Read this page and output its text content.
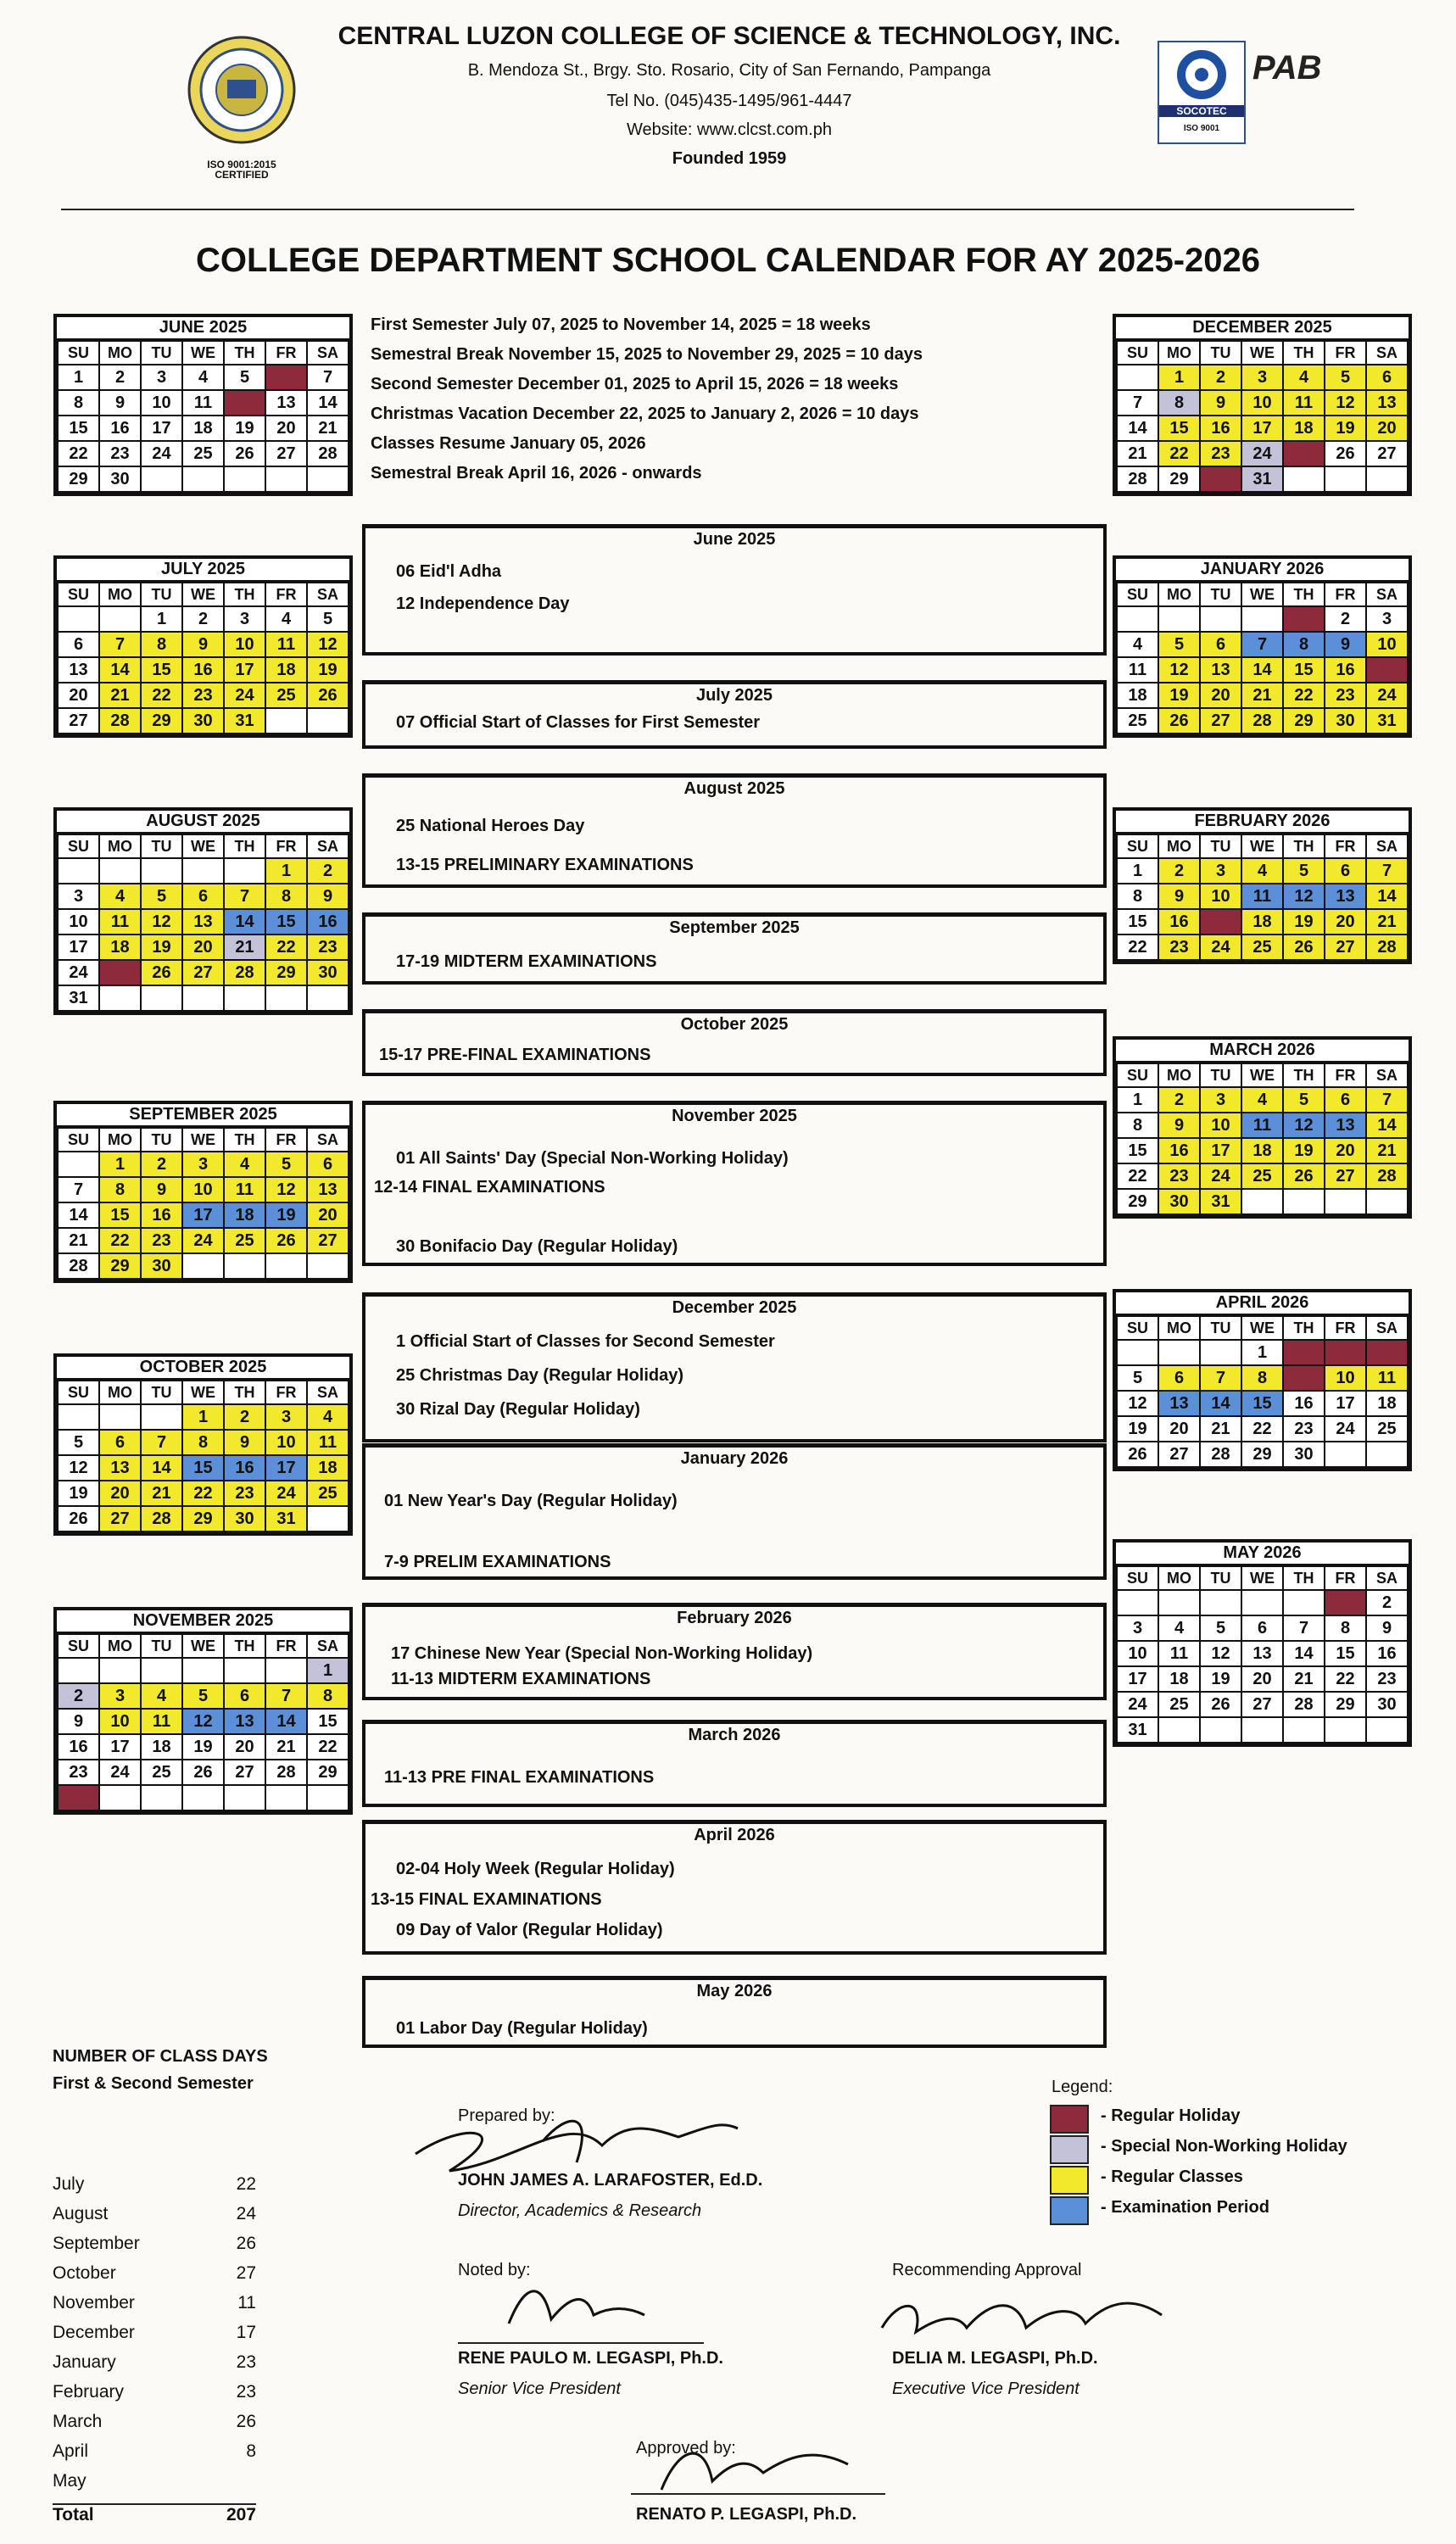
ISO 9001:2015 CERTIFIED
CENTRAL LUZON COLLEGE OF SCIENCE & TECHNOLOGY, INC.
B. Mendoza St., Brgy. Sto. Rosario, City of San Fernando, Pampanga
Tel No. (045)435-1495/961-4447
Website: www.clcst.com.ph
Founded 1959
SOCOTEC
ISO 9001
PAB
COLLEGE DEPARTMENT SCHOOL CALENDAR FOR AY 2025-2026
JUNE 2025
SU	MO	TU	WE	TH	FR	SA
1	2	3	4	5	6	7
8	9	10	11	12	13	14
15	16	17	18	19	20	21
22	23	24	25	26	27	28
29	30					
JULY 2025
SU	MO	TU	WE	TH	FR	SA
		1	2	3	4	5
6	7	8	9	10	11	12
13	14	15	16	17	18	19
20	21	22	23	24	25	26
27	28	29	30	31		
AUGUST 2025
SU	MO	TU	WE	TH	FR	SA
					1	2
3	4	5	6	7	8	9
10	11	12	13	14	15	16
17	18	19	20	21	22	23
24	25	26	27	28	29	30
31						
SEPTEMBER 2025
SU	MO	TU	WE	TH	FR	SA
	1	2	3	4	5	6
7	8	9	10	11	12	13
14	15	16	17	18	19	20
21	22	23	24	25	26	27
28	29	30				
OCTOBER 2025
SU	MO	TU	WE	TH	FR	SA
			1	2	3	4
5	6	7	8	9	10	11
12	13	14	15	16	17	18
19	20	21	22	23	24	25
26	27	28	29	30	31	
NOVEMBER 2025
SU	MO	TU	WE	TH	FR	SA
						1
2	3	4	5	6	7	8
9	10	11	12	13	14	15
16	17	18	19	20	21	22
23	24	25	26	27	28	29
30						
DECEMBER 2025
SU	MO	TU	WE	TH	FR	SA
	1	2	3	4	5	6
7	8	9	10	11	12	13
14	15	16	17	18	19	20
21	22	23	24	25	26	27
28	29	30	31			
JANUARY 2026
SU	MO	TU	WE	TH	FR	SA
				1	2	3
4	5	6	7	8	9	10
11	12	13	14	15	16	17
18	19	20	21	22	23	24
25	26	27	28	29	30	31
FEBRUARY 2026
SU	MO	TU	WE	TH	FR	SA
1	2	3	4	5	6	7
8	9	10	11	12	13	14
15	16	17	18	19	20	21
22	23	24	25	26	27	28
MARCH 2026
SU	MO	TU	WE	TH	FR	SA
1	2	3	4	5	6	7
8	9	10	11	12	13	14
15	16	17	18	19	20	21
22	23	24	25	26	27	28
29	30	31				
APRIL 2026
SU	MO	TU	WE	TH	FR	SA
			1	2	3	4
5	6	7	8	9	10	11
12	13	14	15	16	17	18
19	20	21	22	23	24	25
26	27	28	29	30		
MAY 2026
SU	MO	TU	WE	TH	FR	SA
					1	2
3	4	5	6	7	8	9
10	11	12	13	14	15	16
17	18	19	20	21	22	23
24	25	26	27	28	29	30
31						
First Semester July 07, 2025 to November 14, 2025 = 18 weeks
Semestral Break November 15, 2025 to November 29, 2025 = 10 days
Second Semester December 01, 2025 to April 15, 2026 = 18 weeks
Christmas Vacation December 22, 2025 to January 2, 2026 = 10 days
Classes Resume January 05, 2026
Semestral Break April 16, 2026 - onwards
June 2025
06 Eid'l Adha
12 Independence Day
July 2025
07 Official Start of Classes for First Semester
August 2025
25 National Heroes Day
13-15 PRELIMINARY EXAMINATIONS
September 2025
17-19 MIDTERM EXAMINATIONS
October 2025
15-17 PRE-FINAL EXAMINATIONS
November 2025
01 All Saints' Day (Special Non-Working Holiday)
12-14 FINAL EXAMINATIONS
30 Bonifacio Day (Regular Holiday)
December 2025
1 Official Start of Classes for Second Semester
25 Christmas Day (Regular Holiday)
30 Rizal Day (Regular Holiday)
January 2026
01 New Year's Day (Regular Holiday)
7-9 PRELIM EXAMINATIONS
February 2026
17 Chinese New Year (Special Non-Working Holiday)
11-13 MIDTERM EXAMINATIONS
March 2026
11-13 PRE FINAL EXAMINATIONS
April 2026
02-04 Holy Week (Regular Holiday)
13-15 FINAL EXAMINATIONS
09 Day of Valor (Regular Holiday)
May 2026
01 Labor Day (Regular Holiday)
NUMBER OF CLASS DAYS
First & Second Semester
July	22
August	24
September	26
October	27
November	11
December	17
January	23
February	23
March	26
April	8
May
Total	207
Legend:
- Regular Holiday
- Special Non-Working Holiday
- Regular Classes
- Examination Period
Prepared by:
JOHN JAMES A. LARAFOSTER, Ed.D.
Director, Academics & Research
Noted by:
RENE PAULO M. LEGASPI, Ph.D.
Senior Vice President
Recommending Approval
DELIA M. LEGASPI, Ph.D.
Executive Vice President
Approved by:
RENATO P. LEGASPI, Ph.D.
